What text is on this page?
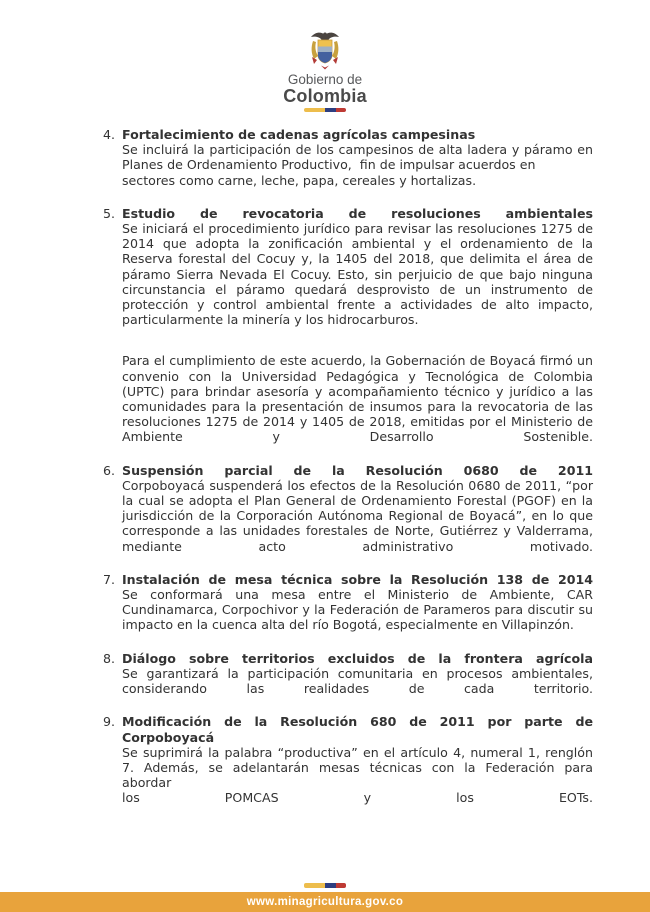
Gobierno de
Colombia
4. Fortalecimiento de cadenas agrícolas campesinas
Se incluirá la participación de los campesinos de alta ladera y páramo en
Planes de Ordenamiento Productivo,  fin de impulsar acuerdos en
sectores como carne, leche, papa, cereales y hortalizas.
5. Estudio de revocatoria de resoluciones ambientales
Se iniciará el procedimiento jurídico para revisar las resoluciones 1275 de
2014 que adopta la zonificación ambiental y el ordenamiento de la
Reserva forestal del Cocuy y, la 1405 del 2018, que delimita el área de
páramo Sierra Nevada El Cocuy. Esto, sin perjuicio de que bajo ninguna
circunstancia el páramo quedará desprovisto de un instrumento de
protección y control ambiental frente a actividades de alto impacto,
particularmente la minería y los hidrocarburos.
Para el cumplimiento de este acuerdo, la Gobernación de Boyacá firmó un
convenio con la Universidad Pedagógica y Tecnológica de Colombia
(UPTC) para brindar asesoría y acompañamiento técnico y jurídico a las
comunidades para la presentación de insumos para la revocatoria de las
resoluciones 1275 de 2014 y 1405 de 2018, emitidas por el Ministerio de
Ambiente y Desarrollo Sostenible.
6. Suspensión parcial de la Resolución 0680 de 2011
Corpoboyacá suspenderá los efectos de la Resolución 0680 de 2011, “por
la cual se adopta el Plan General de Ordenamiento Forestal (PGOF) en la
jurisdicción de la Corporación Autónoma Regional de Boyacá”, en lo que
corresponde a las unidades forestales de Norte, Gutiérrez y Valderrama,
mediante acto administrativo motivado.
7. Instalación de mesa técnica sobre la Resolución 138 de 2014
Se conformará una mesa entre el Ministerio de Ambiente, CAR
Cundinamarca, Corpochivor y la Federación de Parameros para discutir su
impacto en la cuenca alta del río Bogotá, especialmente en Villapinzón.
8. Diálogo sobre territorios excluidos de la frontera agrícola
Se garantizará la participación comunitaria en procesos ambientales,
considerando las realidades de cada territorio.
9. Modificación de la Resolución 680 de 2011 por parte de
Corpoboyacá
Se suprimirá la palabra “productiva” en el artículo 4, numeral 1, renglón
7. Además, se adelantarán mesas técnicas con la Federación para abordar
los POMCAS y los EOTs.
www.minagricultura.gov.co
